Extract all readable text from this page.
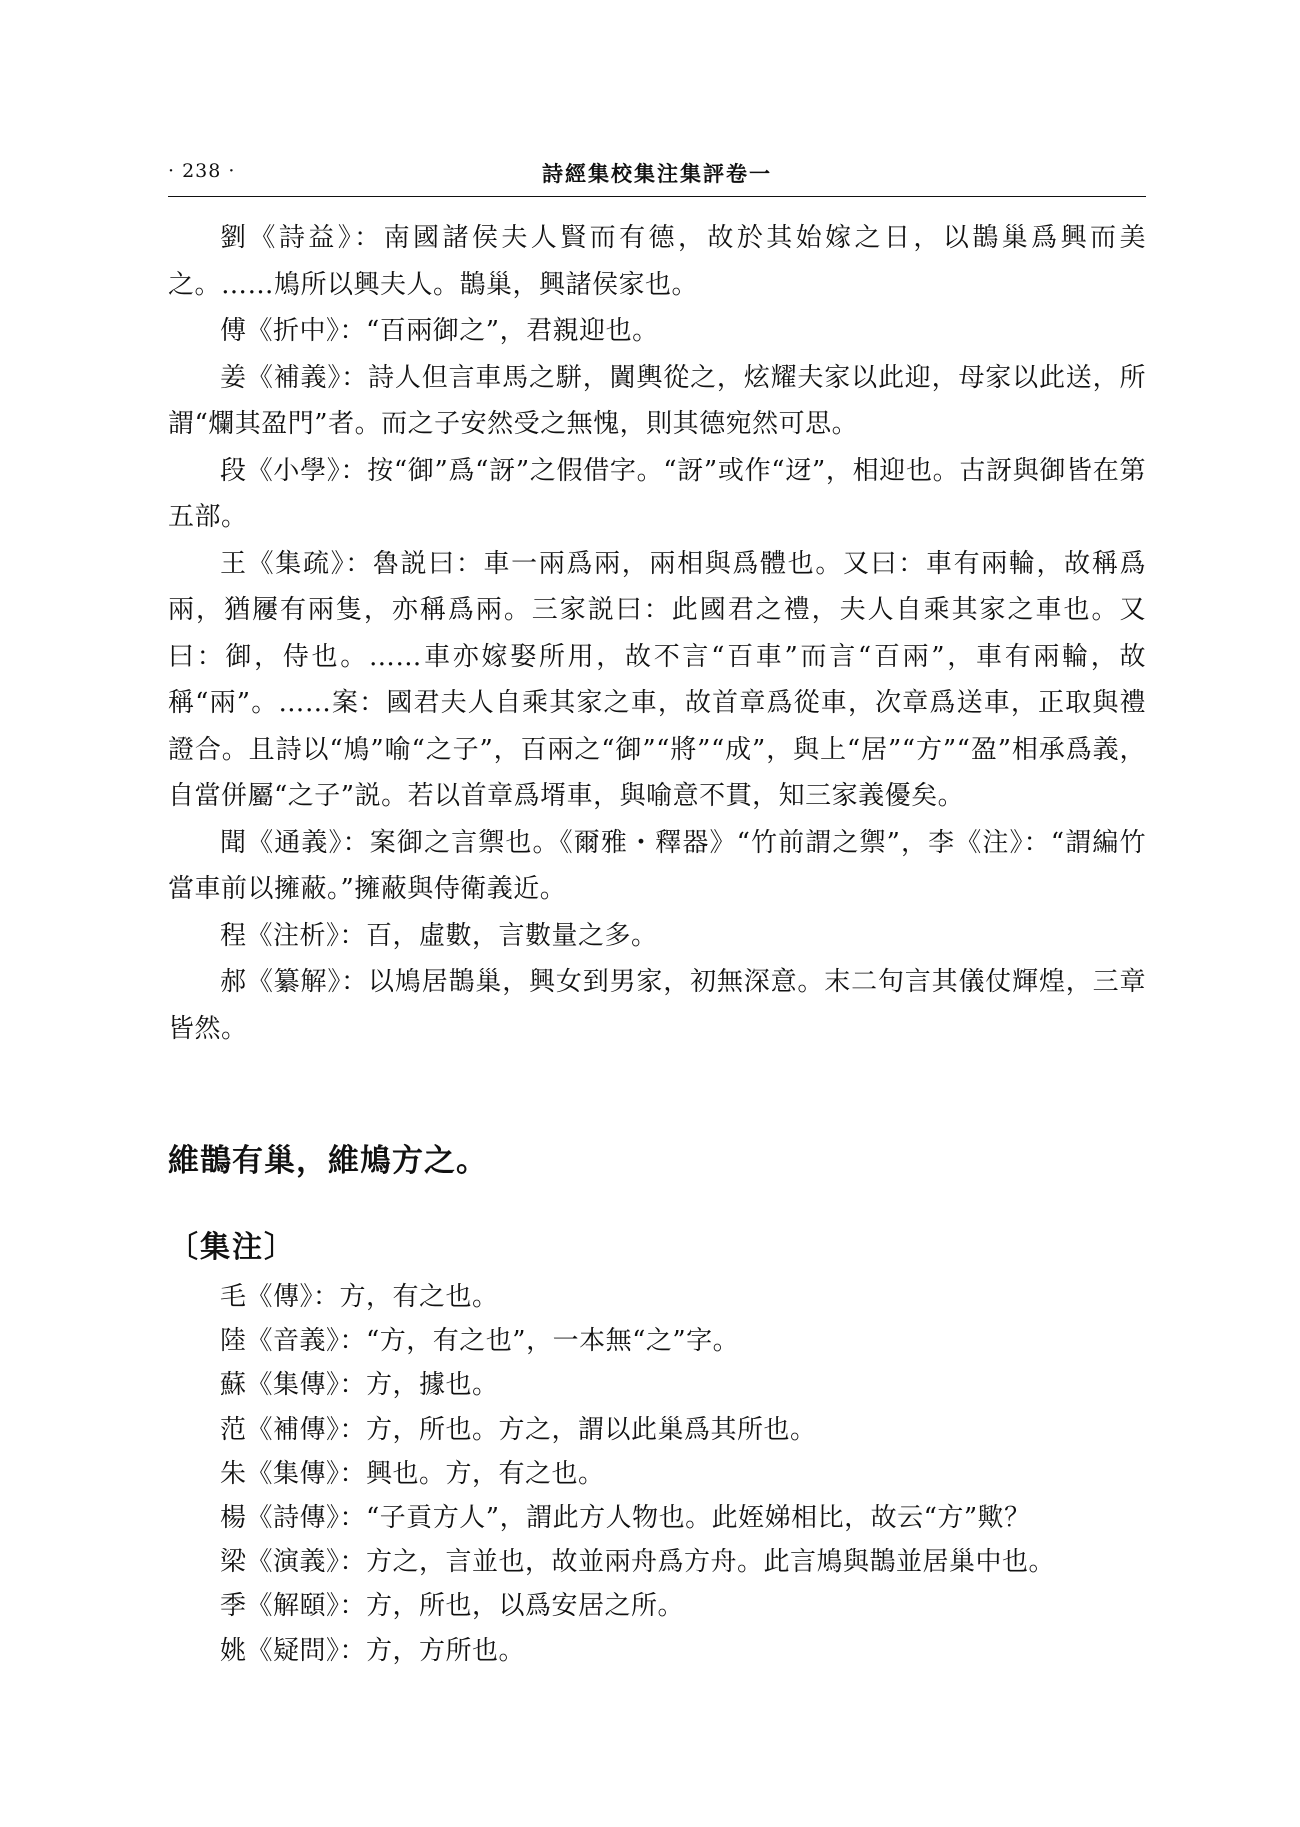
· 238 ·	詩經集校集注集評卷一

劉《詩益》：南國諸侯夫人賢而有德，故於其始嫁之日，以鵲巢爲興而美之。……鳩所以興夫人。鵲巢，興諸侯家也。

傅《折中》：“百兩御之”，君親迎也。

姜《補義》：詩人但言車馬之駢，闐輿從之，炫耀夫家以此迎，母家以此送，所謂“爛其盈門”者。而之子安然受之無愧，則其德宛然可思。

段《小學》：按“御”爲“訝”之假借字。“訝”或作“迓”，相迎也。古訝與御皆在第五部。

王《集疏》：魯説曰：車一兩爲兩，兩相與爲體也。又曰：車有兩輪，故稱爲兩，猶屨有兩隻，亦稱爲兩。三家説曰：此國君之禮，夫人自乘其家之車也。又曰：御，侍也。……車亦嫁娶所用，故不言“百車”而言“百兩”，車有兩輪，故稱“兩”。……案：國君夫人自乘其家之車，故首章爲從車，次章爲送車，正取與禮證合。且詩以“鳩”喻“之子”，百兩之“御”“將”“成”，與上“居”“方”“盈”相承爲義，自當併屬“之子”説。若以首章爲壻車，與喻意不貫，知三家義優矣。

聞《通義》：案御之言禦也。《爾雅・釋器》“竹前謂之禦”，李《注》：“謂編竹當車前以擁蔽。”擁蔽與侍衛義近。

程《注析》：百，虛數，言數量之多。

郝《纂解》：以鳩居鵲巢，興女到男家，初無深意。末二句言其儀仗輝煌，三章皆然。

維鵲有巢，維鳩方之。
〔集注〕
毛《傳》：方，有之也。
陸《音義》：“方，有之也”，一本無“之”字。
蘇《集傳》：方，據也。
范《補傳》：方，所也。方之，謂以此巢爲其所也。
朱《集傳》：興也。方，有之也。
楊《詩傳》：“子貢方人”，謂此方人物也。此姪娣相比，故云“方”歟？
梁《演義》：方之，言並也，故並兩舟爲方舟。此言鳩與鵲並居巢中也。
季《解頤》：方，所也，以爲安居之所。
姚《疑問》：方，方所也。
